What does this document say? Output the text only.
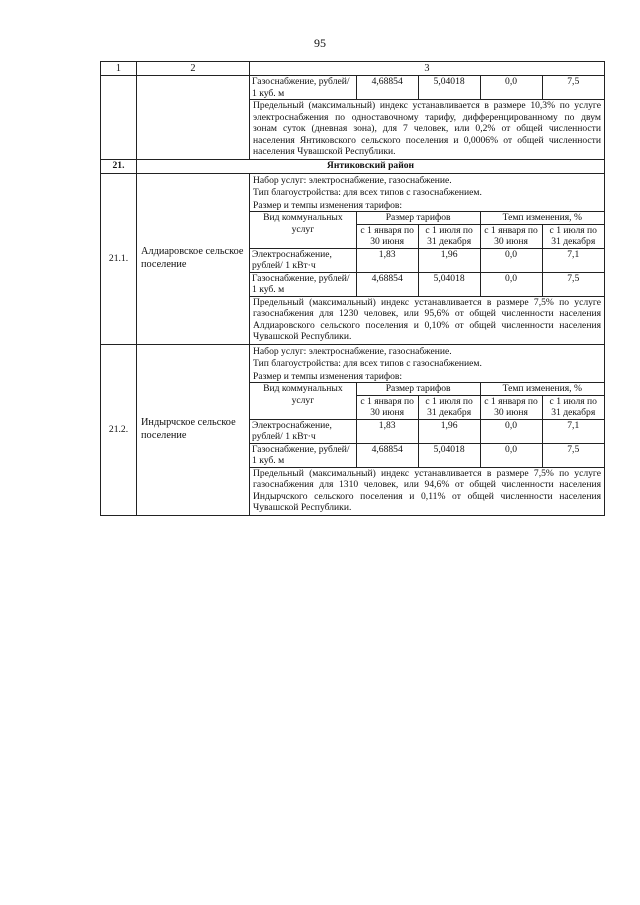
95
1	2	3

Газоснабжение, рублей/ 1 куб. м	4,68854	5,04018	0,0	7,5
Предельный (максимальный) индекс устанавливается в размере 10,3% по услуге электроснабжения по одноставочному тарифу, дифференцированному по двум зонам суток (дневная зона), для 7 человек, или 0,2% от общей численности населения Янтиковского сельского поселения и 0,0006% от общей численности населения Чувашской Республики.

21.	Янтиковский район
21.1.	Алдиаровское сельское поселение	
Набор услуг: электроснабжение, газоснабжение.
Тип благоустройства: для всех типов с газоснабжением.
Размер и темпы изменения тарифов:
Вид коммунальных услуг	Размер тарифов	Темп изменения, %
с 1 января по 30 июня	с 1 июля по 31 декабря	с 1 января по 30 июня	с 1 июля по 31 декабря
Электроснабжение, рублей/ 1 кВт·ч	1,83	1,96	0,0	7,1
Газоснабжение, рублей/ 1 куб. м	4,68854	5,04018	0,0	7,5
Предельный (максимальный) индекс устанавливается в размере 7,5% по услуге газоснабжения для 1230 человек, или 95,6% от общей численности населения Алдиаровского сельского поселения и 0,10% от общей численности населения Чувашской Республики.

21.2.	Индырчское сельское поселение	
Набор услуг: электроснабжение, газоснабжение.
Тип благоустройства: для всех типов с газоснабжением.
Размер и темпы изменения тарифов:
Вид коммунальных услуг	Размер тарифов	Темп изменения, %
с 1 января по 30 июня	с 1 июля по 31 декабря	с 1 января по 30 июня	с 1 июля по 31 декабря
Электроснабжение, рублей/ 1 кВт·ч	1,83	1,96	0,0	7,1
Газоснабжение, рублей/ 1 куб. м	4,68854	5,04018	0,0	7,5
Предельный (максимальный) индекс устанавливается в размере 7,5% по услуге газоснабжения для 1310 человек, или 94,6% от общей численности населения Индырчского сельского поселения и 0,11% от общей численности населения Чувашской Республики.
